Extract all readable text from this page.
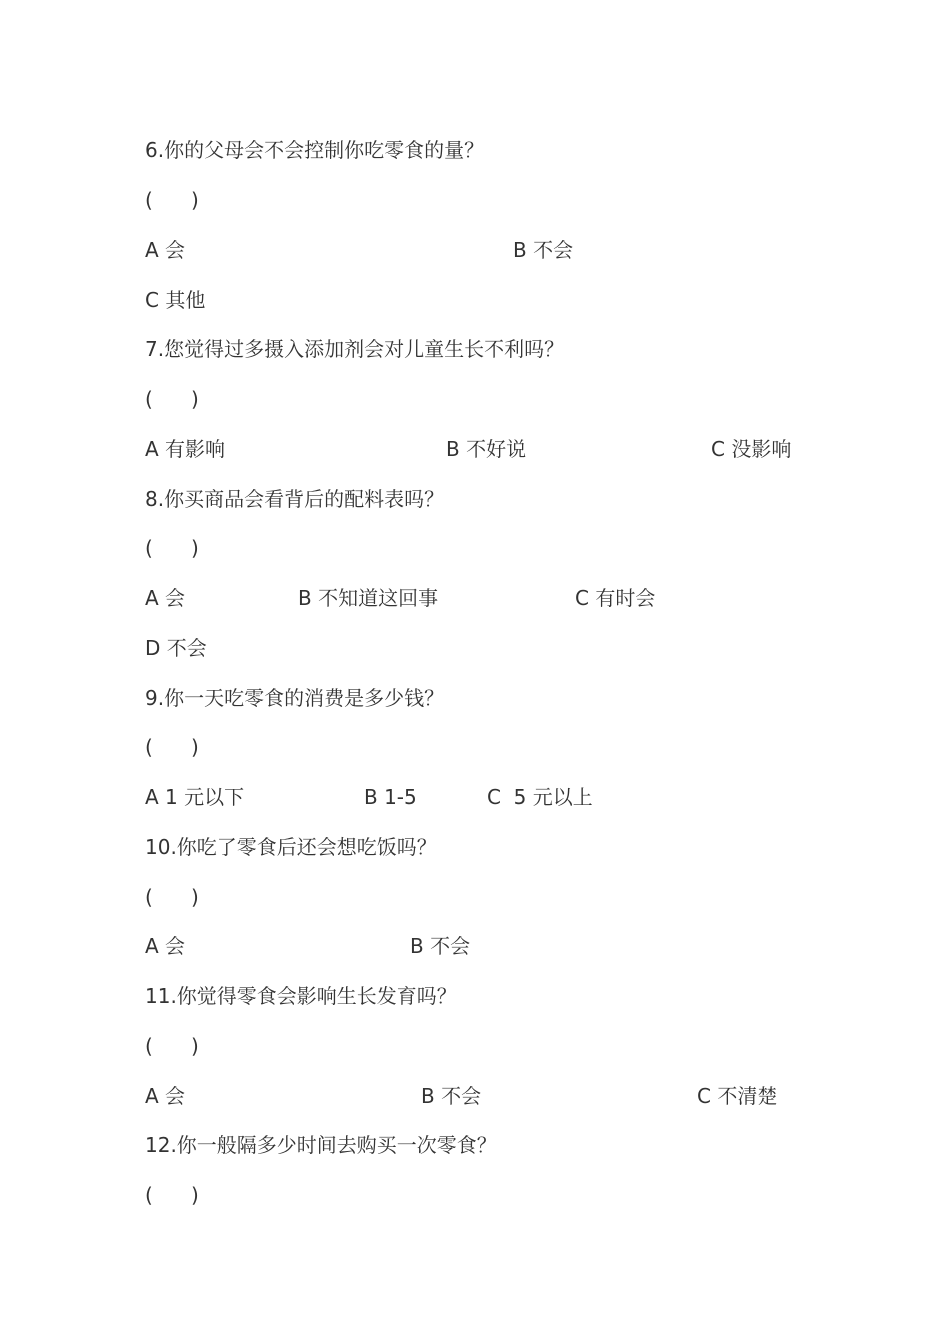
6.你的父母会不会控制你吃零食的量？
(      )
A 会	B 不会
C 其他
7.您觉得过多摄入添加剂会对儿童生长不利吗？
(      )
A 有影响	B 不好说	C 没影响
8.你买商品会看背后的配料表吗？
(      )
A 会	B 不知道这回事	C 有时会
D 不会
9.你一天吃零食的消费是多少钱？
(      )
A 1 元以下	B 1-5	C  5 元以上
10.你吃了零食后还会想吃饭吗？
(      )
A 会	B 不会
11.你觉得零食会影响生长发育吗？
(      )
A 会	B 不会	C 不清楚
12.你一般隔多少时间去购买一次零食？
(      )
